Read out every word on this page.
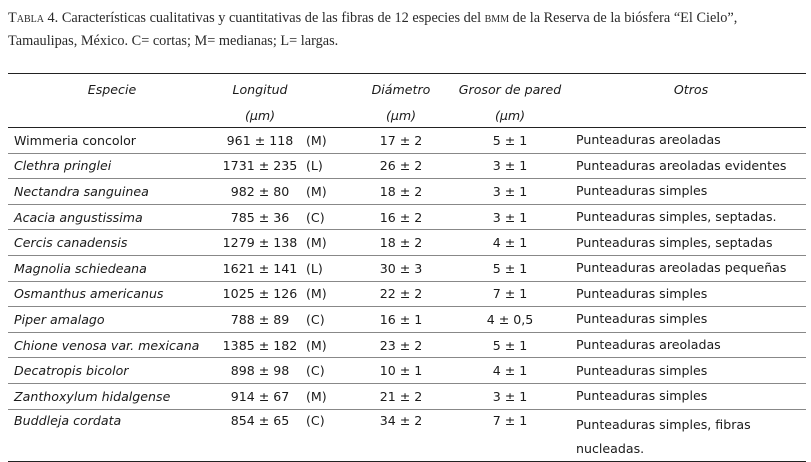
Tabla 4. Características cualitativas y cuantitativas de las fibras de 12 especies del bmm de la Reserva de la biósfera “El Cielo”, Tamaulipas, México. C= cortas; M= medianas; L= largas.
Especie	Longitud		Diámetro	Grosor de pared	Otros
	(µm)		(µm)	(µm)	
Wimmeria concolor	961 ± 118	(M)	17 ± 2	5 ± 1	Punteaduras areoladas
Clethra pringlei	1731 ± 235	(L)	26 ± 2	3 ± 1	Punteaduras areoladas evidentes
Nectandra sanguinea	982 ± 80	(M)	18 ± 2	3 ± 1	Punteaduras simples
Acacia angustissima	785 ± 36	(C)	16 ± 2	3 ± 1	Punteaduras simples, septadas.
Cercis canadensis	1279 ± 138	(M)	18 ± 2	4 ± 1	Punteaduras simples, septadas
Magnolia schiedeana	1621 ± 141	(L)	30 ± 3	5 ± 1	Punteaduras areoladas pequeñas
Osmanthus americanus	1025 ± 126	(M)	22 ± 2	7 ± 1	Punteaduras simples
Piper amalago	788 ± 89	(C)	16 ± 1	4 ± 0,5	Punteaduras simples
Chione venosa var. mexicana	1385 ± 182	(M)	23 ± 2	5 ± 1	Punteaduras areoladas
Decatropis bicolor	898 ± 98	(C)	10 ± 1	4 ± 1	Punteaduras simples
Zanthoxylum hidalgense	914 ± 67	(M)	21 ± 2	3 ± 1	Punteaduras simples
Buddleja cordata	854 ± 65	(C)	34 ± 2	7 ± 1	Punteaduras simples, fibras nucleadas.
